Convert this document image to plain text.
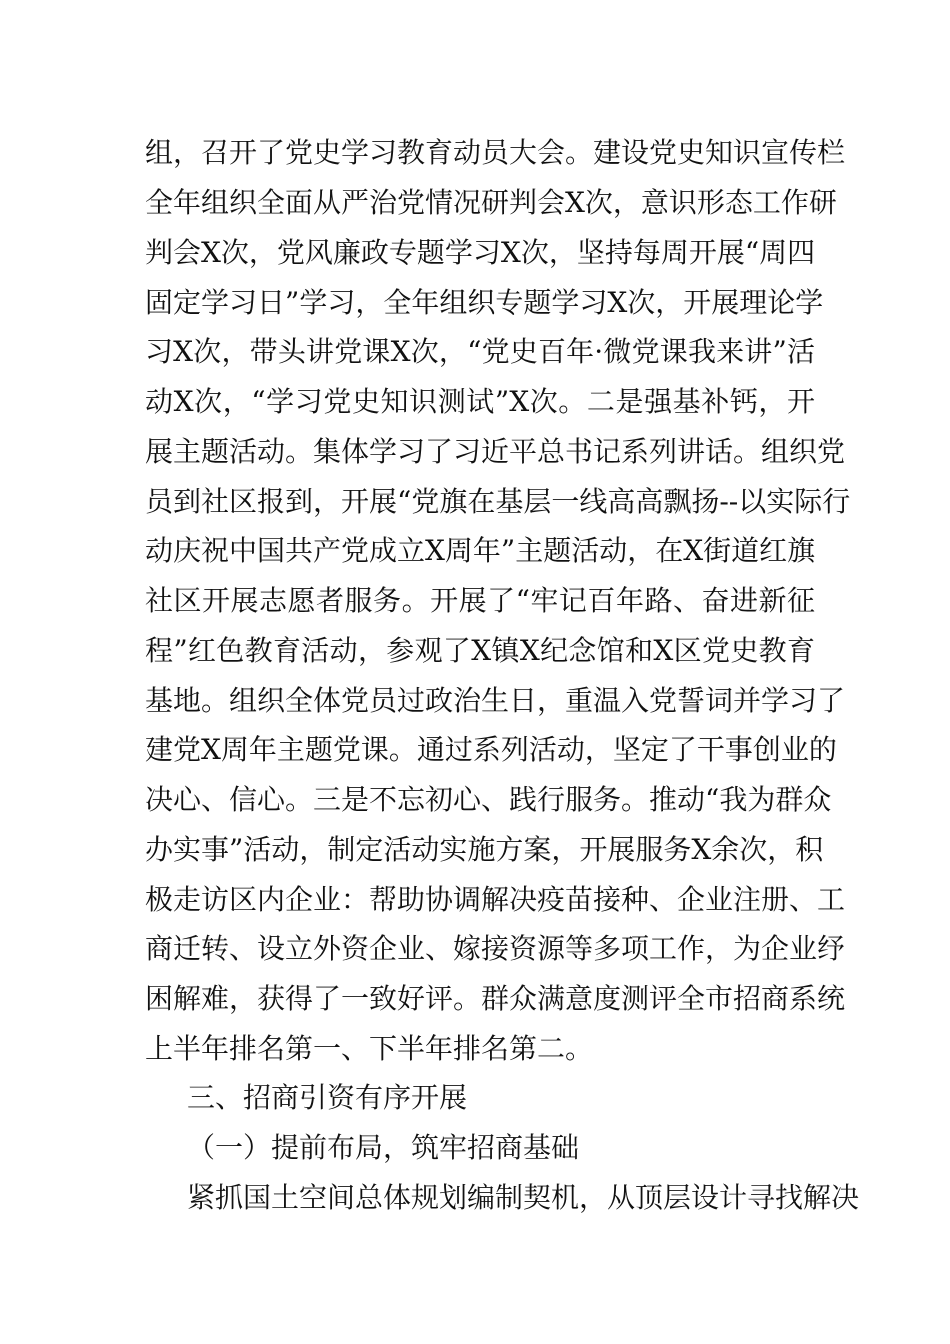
组，召开了党史学习教育动员大会。建设党史知识宣传栏
全年组织全面从严治党情况研判会X次，意识形态工作研
判会X次，党风廉政专题学习X次，坚持每周开展“周四
固定学习日”学习，全年组织专题学习X次，开展理论学
习X次，带头讲党课X次，“党史百年·微党课我来讲”活
动X次，“学习党史知识测试”X次。二是强基补钙，开
展主题活动。集体学习了习近平总书记系列讲话。组织党
员到社区报到，开展“党旗在基层一线高高飘扬--以实际行
动庆祝中国共产党成立X周年”主题活动，在X街道红旗
社区开展志愿者服务。开展了“牢记百年路、奋进新征
程”红色教育活动，参观了X镇X纪念馆和X区党史教育
基地。组织全体党员过政治生日，重温入党誓词并学习了
建党X周年主题党课。通过系列活动，坚定了干事创业的
决心、信心。三是不忘初心、践行服务。推动“我为群众
办实事”活动，制定活动实施方案，开展服务X余次，积
极走访区内企业：帮助协调解决疫苗接种、企业注册、工
商迁转、设立外资企业、嫁接资源等多项工作，为企业纾
困解难，获得了一致好评。群众满意度测评全市招商系统
上半年排名第一、下半年排名第二。
三、招商引资有序开展
（一）提前布局，筑牢招商基础
紧抓国土空间总体规划编制契机，从顶层设计寻找解决
